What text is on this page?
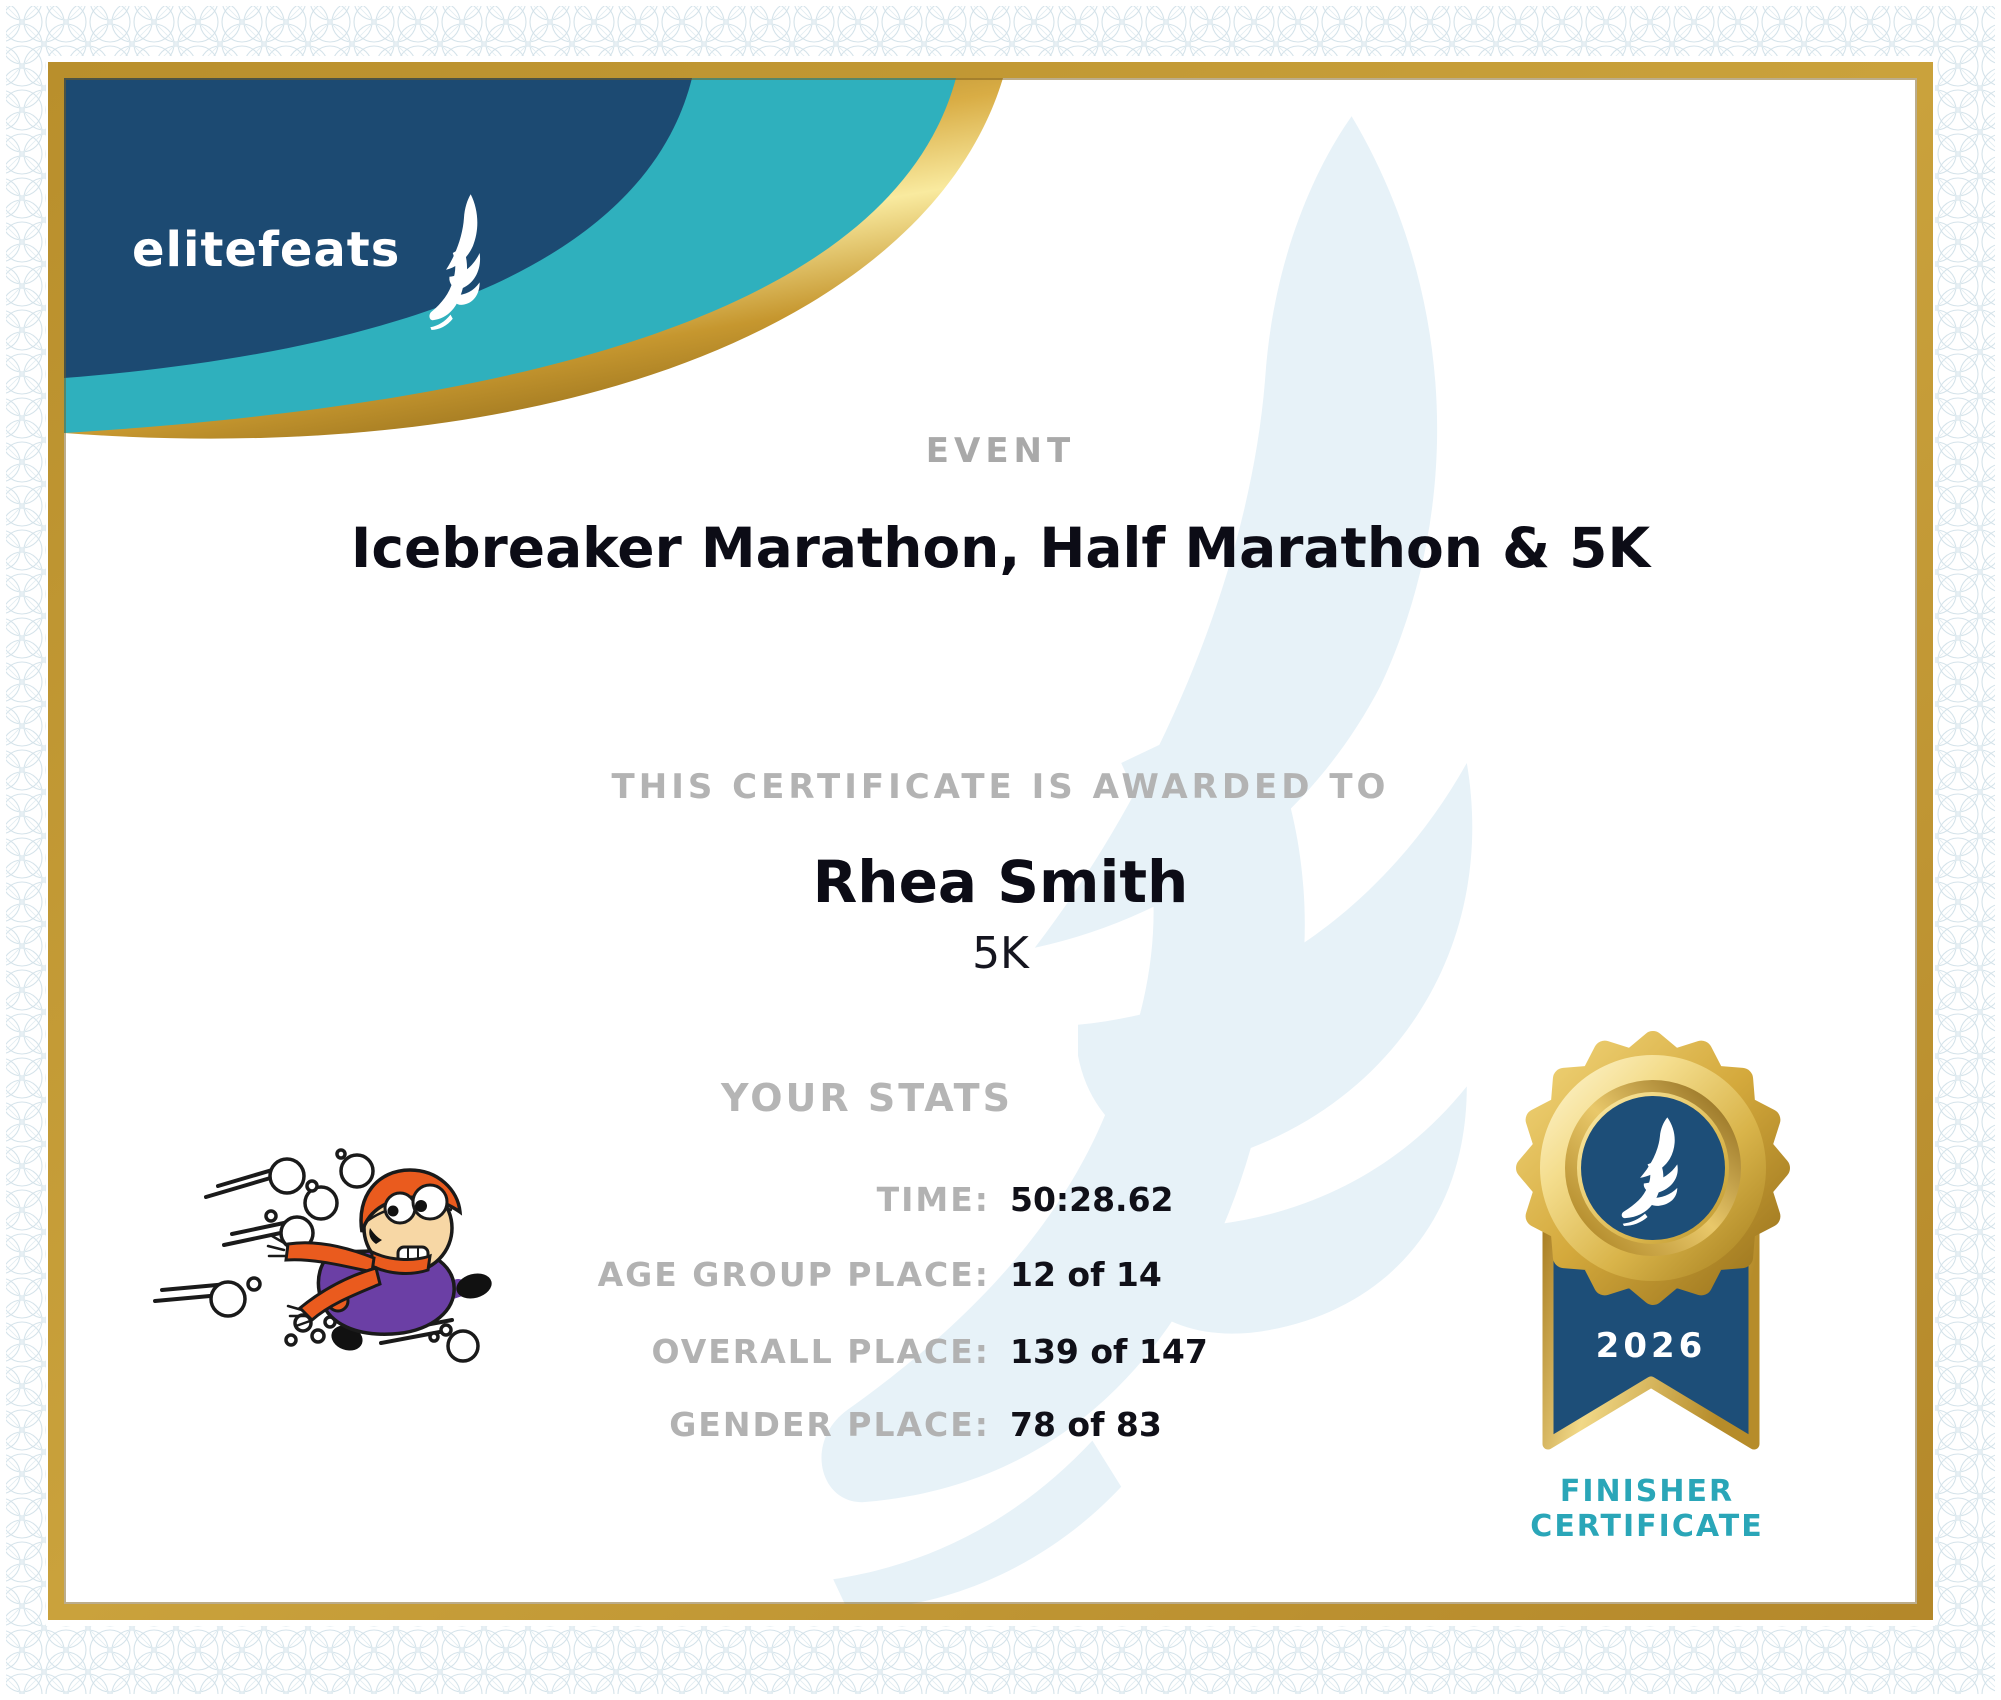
elitefeats
EVENT
Icebreaker Marathon, Half Marathon & 5K
THIS CERTIFICATE IS AWARDED TO
Rhea Smith
5K
YOUR STATS
TIME: 50:28.62
AGE GROUP PLACE: 12 of 14
OVERALL PLACE: 139 of 147
GENDER PLACE: 78 of 83
2026
FINISHER
CERTIFICATE
